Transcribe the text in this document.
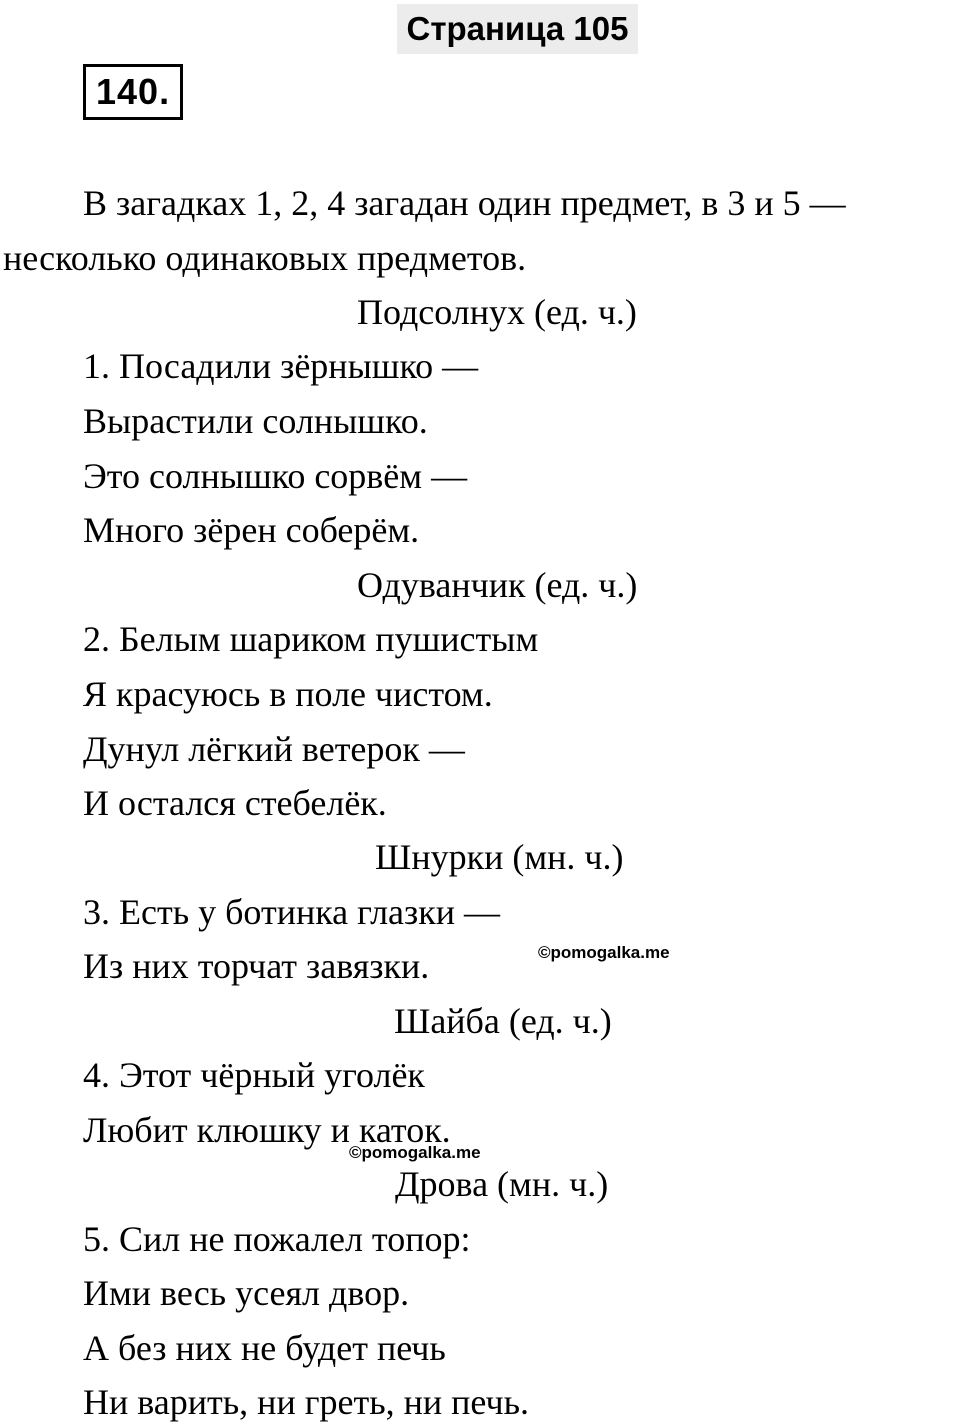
Страница 105
140.
В загадках 1, 2, 4 загадан один предмет, в 3 и 5 —
несколько одинаковых предметов.
Подсолнух (ед. ч.)
1. Посадили зёрнышко —
Вырастили солнышко.
Это солнышко сорвём —
Много зёрен соберём.
Одуванчик (ед. ч.)
2. Белым шариком пушистым
Я красуюсь в поле чистом.
Дунул лёгкий ветерок —
И остался стебелёк.
Шнурки (мн. ч.)
3. Есть у ботинка глазки —
Из них торчат завязки.	©pomogalka.me
Шайба (ед. ч.)
4. Этот чёрный уголёк
Любит клюшку и каток.
©pomogalka.me
Дрова (мн. ч.)
5. Сил не пожалел топор:
Ими весь усеял двор.
А без них не будет печь
Ни варить, ни греть, ни печь.
